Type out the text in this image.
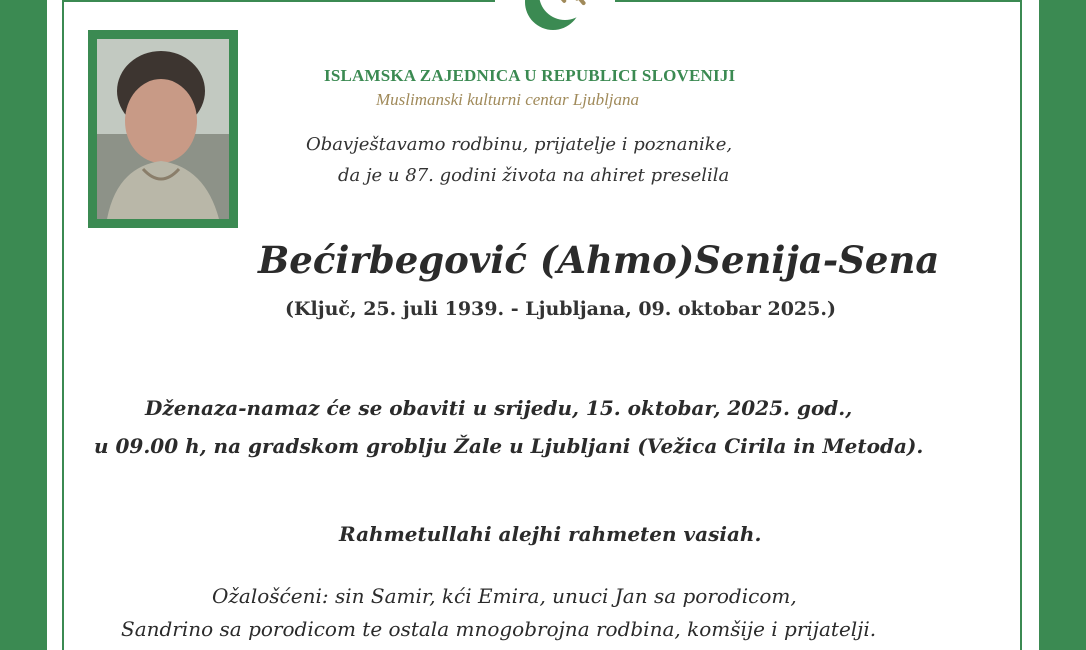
ISLAMSKA ZAJEDNICA U REPUBLICI SLOVENIJI
Muslimanski kulturni centar Ljubljana
Obavještavamo rodbinu, prijatelje i poznanike,
da je u 87. godini života na ahiret preselila
Bećirbegović (Ahmo)Senija-Sena
(Ključ, 25. juli 1939. - Ljubljana, 09. oktobar 2025.)
Dženaza-namaz će se obaviti u srijedu, 15. oktobar, 2025. god.,
u 09.00 h, na gradskom groblju Žale u Ljubljani (Vežica Cirila in Metoda).
Rahmetullahi alejhi rahmeten vasiah.
Ožalošćeni: sin Samir, kći Emira, unuci Jan sa porodicom,
Sandrino sa porodicom te ostala mnogobrojna rodbina, komšije i prijatelji.
